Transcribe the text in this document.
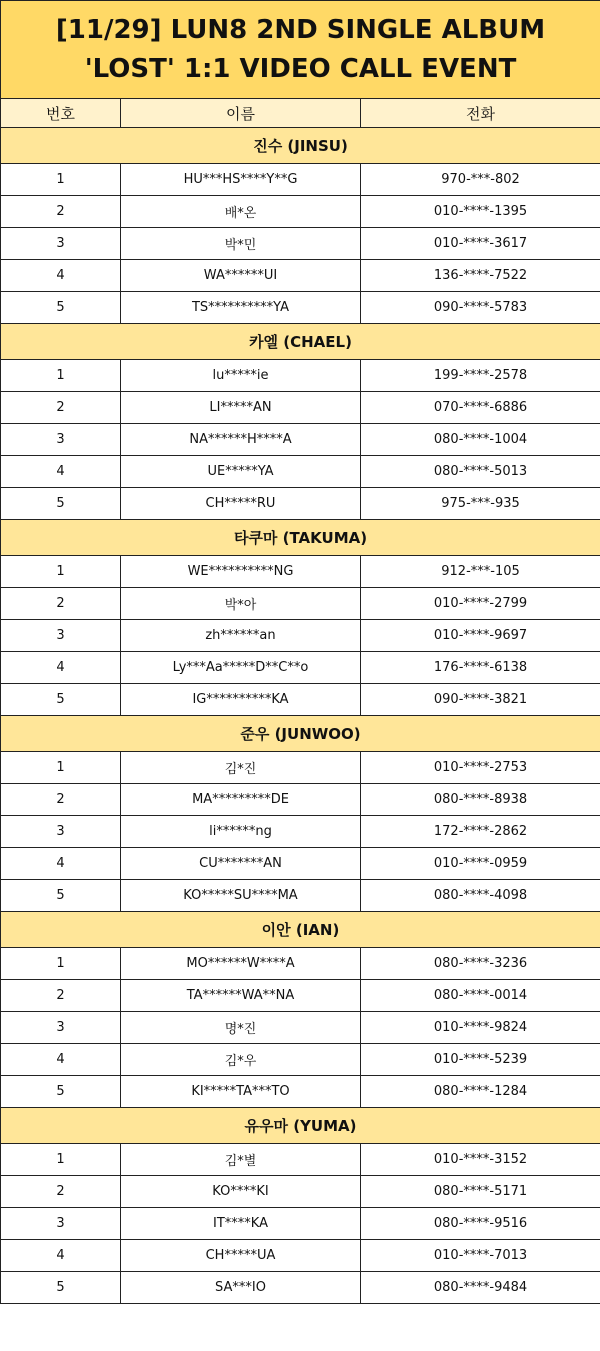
[11/29] LUN8 2ND SINGLE ALBUM
'LOST' 1:1 VIDEO CALL EVENT		

번호	이름	전화
진수 (JINSU)		
1	HU***HS****Y**G	970-***-802
2	배*온	010-****-1395
3	박*민	010-****-3617
4	WA******UI	136-****-7522
5	TS**********YA	090-****-5783
카엘 (CHAEL)		
1	lu*****ie	199-****-2578
2	LI*****AN	070-****-6886
3	NA******H****A	080-****-1004
4	UE*****YA	080-****-5013
5	CH*****RU	975-***-935
타쿠마 (TAKUMA)		
1	WE**********NG	912-***-105
2	박*아	010-****-2799
3	zh******an	010-****-9697
4	Ly***Aa*****D**C**o	176-****-6138
5	IG**********KA	090-****-3821
준우 (JUNWOO)		
1	김*진	010-****-2753
2	MA*********DE	080-****-8938
3	li******ng	172-****-2862
4	CU*******AN	010-****-0959
5	KO*****SU****MA	080-****-4098
이안 (IAN)		
1	MO******W****A	080-****-3236
2	TA******WA**NA	080-****-0014
3	명*진	010-****-9824
4	김*우	010-****-5239
5	KI*****TA***TO	080-****-1284
유우마 (YUMA)		
1	김*별	010-****-3152
2	KO****KI	080-****-5171
3	IT****KA	080-****-9516
4	CH*****UA	010-****-7013
5	SA***IO	080-****-9484
